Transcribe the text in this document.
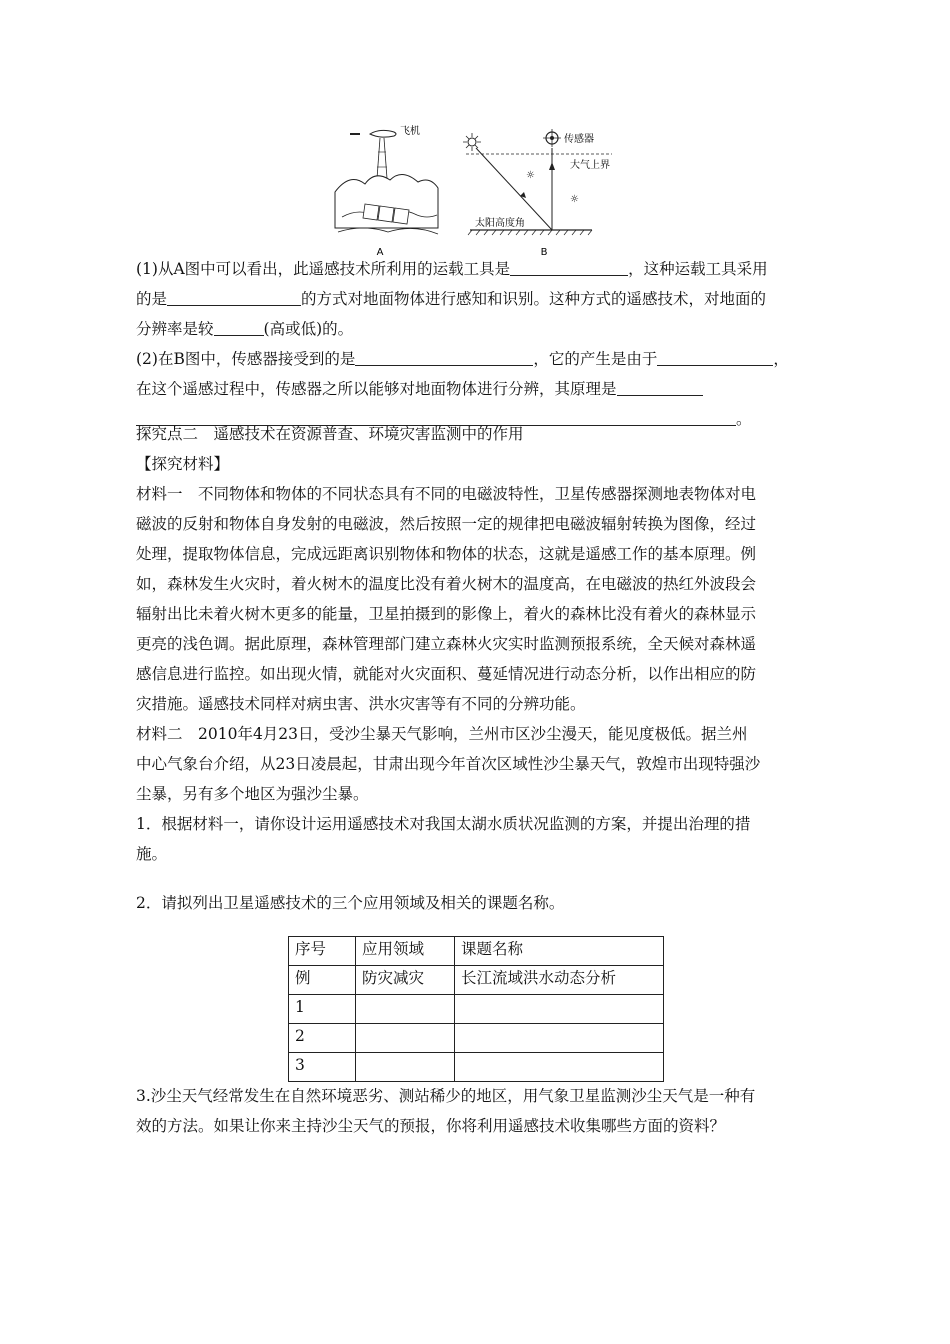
飞机
A
传感器
大气上界
☼
☼
太阳高度角
B
(1)从A图中可以看出，此遥感技术所利用的运载工具是	，这种运载工具采用
的是	的方式对地面物体进行感知和识别。这种方式的遥感技术，对地面的
分辨率是较	(高或低)的。
(2)在B图中，传感器接受到的是	，它的产生是由于	，
在这个遥感过程中，传感器之所以能够对地面物体进行分辨，其原理是
。
探究点二　遥感技术在资源普查、环境灾害监测中的作用
【探究材料】
材料一　不同物体和物体的不同状态具有不同的电磁波特性，卫星传感器探测地表物体对电
磁波的反射和物体自身发射的电磁波，然后按照一定的规律把电磁波辐射转换为图像，经过
处理，提取物体信息，完成远距离识别物体和物体的状态，这就是遥感工作的基本原理。例
如，森林发生火灾时，着火树木的温度比没有着火树木的温度高，在电磁波的热红外波段会
辐射出比未着火树木更多的能量，卫星拍摄到的影像上，着火的森林比没有着火的森林显示
更亮的浅色调。据此原理，森林管理部门建立森林火灾实时监测预报系统，全天候对森林遥
感信息进行监控。如出现火情，就能对火灾面积、蔓延情况进行动态分析，以作出相应的防
灾措施。遥感技术同样对病虫害、洪水灾害等有不同的分辨功能。
材料二　2010年4月23日，受沙尘暴天气影响，兰州市区沙尘漫天，能见度极低。据兰州
中心气象台介绍，从23日凌晨起，甘肃出现今年首次区域性沙尘暴天气，敦煌市出现特强沙
尘暴，另有多个地区为强沙尘暴。
1．根据材料一，请你设计运用遥感技术对我国太湖水质状况监测的方案，并提出治理的措
施。
2．请拟列出卫星遥感技术的三个应用领域及相关的课题名称。
序号	应用领域	课题名称
例	防灾减灾	长江流域洪水动态分析
1		
2		
3		
3.沙尘天气经常发生在自然环境恶劣、测站稀少的地区，用气象卫星监测沙尘天气是一种有
效的方法。如果让你来主持沙尘天气的预报，你将利用遥感技术收集哪些方面的资料？
